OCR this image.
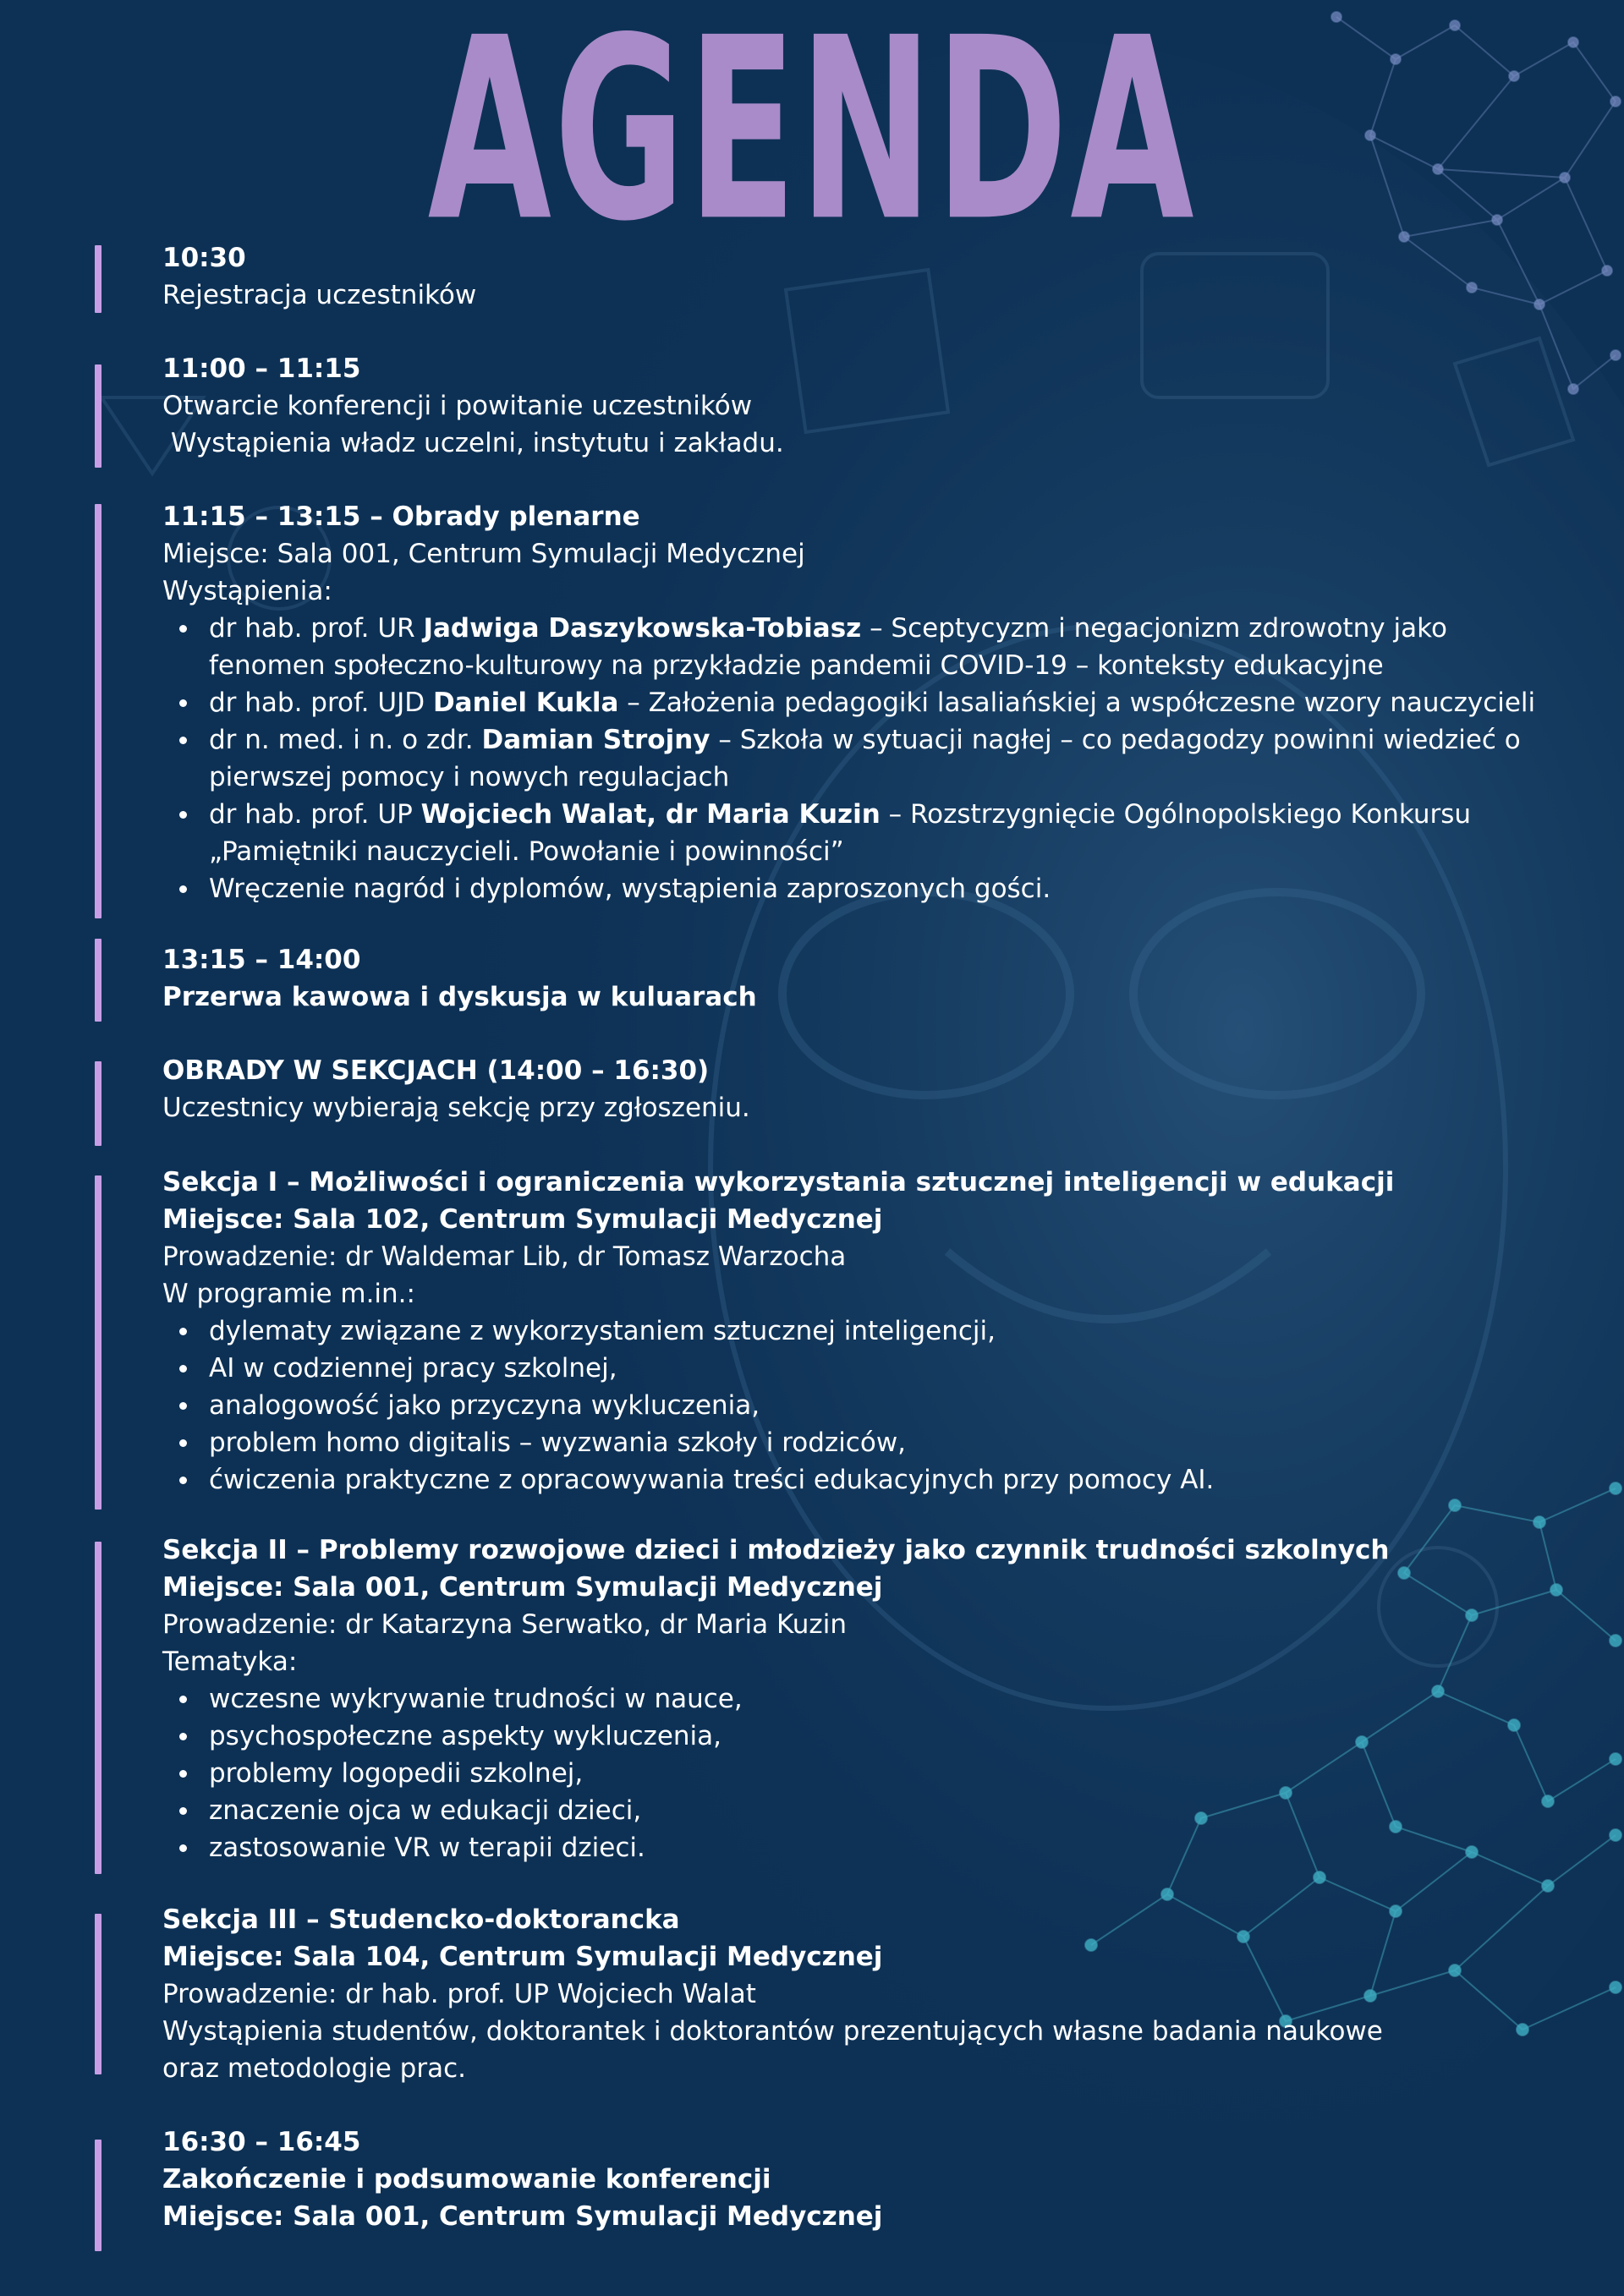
AGENDA
10:30
Rejestracja uczestników
11:00 – 11:15
Otwarcie konferencji i powitanie uczestników
Wystąpienia władz uczelni, instytutu i zakładu.
11:15 – 13:15 – Obrady plenarne
Miejsce: Sala 001, Centrum Symulacji Medycznej
Wystąpienia:
dr hab. prof. UR Jadwiga Daszykowska-Tobiasz – Sceptycyzm i negacjonizm zdrowotny jako fenomen społeczno-kulturowy na przykładzie pandemii COVID-19 – konteksty edukacyjne
dr hab. prof. UJD Daniel Kukla – Założenia pedagogiki lasaliańskiej a współczesne wzory nauczycieli
dr n. med. i n. o zdr. Damian Strojny – Szkoła w sytuacji nagłej – co pedagodzy powinni wiedzieć o pierwszej pomocy i nowych regulacjach
dr hab. prof. UP Wojciech Walat, dr Maria Kuzin – Rozstrzygnięcie Ogólnopolskiego Konkursu „Pamiętniki nauczycieli. Powołanie i powinności”
Wręczenie nagród i dyplomów, wystąpienia zaproszonych gości.
13:15 – 14:00
Przerwa kawowa i dyskusja w kuluarach
OBRADY W SEKCJACH (14:00 – 16:30)
Uczestnicy wybierają sekcję przy zgłoszeniu.
Sekcja I – Możliwości i ograniczenia wykorzystania sztucznej inteligencji w edukacji
Miejsce: Sala 102, Centrum Symulacji Medycznej
Prowadzenie: dr Waldemar Lib, dr Tomasz Warzocha
W programie m.in.:
dylematy związane z wykorzystaniem sztucznej inteligencji,
AI w codziennej pracy szkolnej,
analogowość jako przyczyna wykluczenia,
problem homo digitalis – wyzwania szkoły i rodziców,
ćwiczenia praktyczne z opracowywania treści edukacyjnych przy pomocy AI.
Sekcja II – Problemy rozwojowe dzieci i młodzieży jako czynnik trudności szkolnych
Miejsce: Sala 001, Centrum Symulacji Medycznej
Prowadzenie: dr Katarzyna Serwatko, dr Maria Kuzin
Tematyka:
wczesne wykrywanie trudności w nauce,
psychospołeczne aspekty wykluczenia,
problemy logopedii szkolnej,
znaczenie ojca w edukacji dzieci,
zastosowanie VR w terapii dzieci.
Sekcja III – Studencko-doktorancka
Miejsce: Sala 104, Centrum Symulacji Medycznej
Prowadzenie: dr hab. prof. UP Wojciech Walat
Wystąpienia studentów, doktorantek i doktorantów prezentujących własne badania naukowe
oraz metodologie prac.
16:30 – 16:45
Zakończenie i podsumowanie konferencji
Miejsce: Sala 001, Centrum Symulacji Medycznej
